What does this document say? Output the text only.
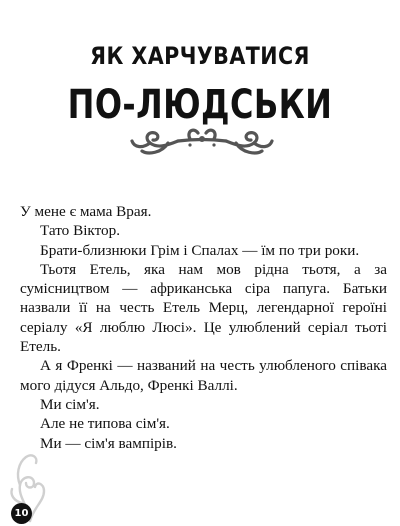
ЯК ХАРЧУВАТИСЯ
ПО-ЛЮДСЬКИ

У мене є мама Врая.

Тато Віктор.

Брати-близнюки Грім і Спалах — їм по три роки.

Тьотя Етель, яка нам мов рідна тьотя, а за сумісництвом — африканська сіра папуга. Батьки назвали її на честь Етель Мерц, легендарної героїні серіалу «Я люблю Люсі». Це улюблений серіал тьоті Етель.

А я Френкі — названий на честь улюбленого співака мого дідуся Альдо, Френкі Валлі.

Ми сім'я.

Але не типова сім'я.

Ми — сім'я вампірів.

10
